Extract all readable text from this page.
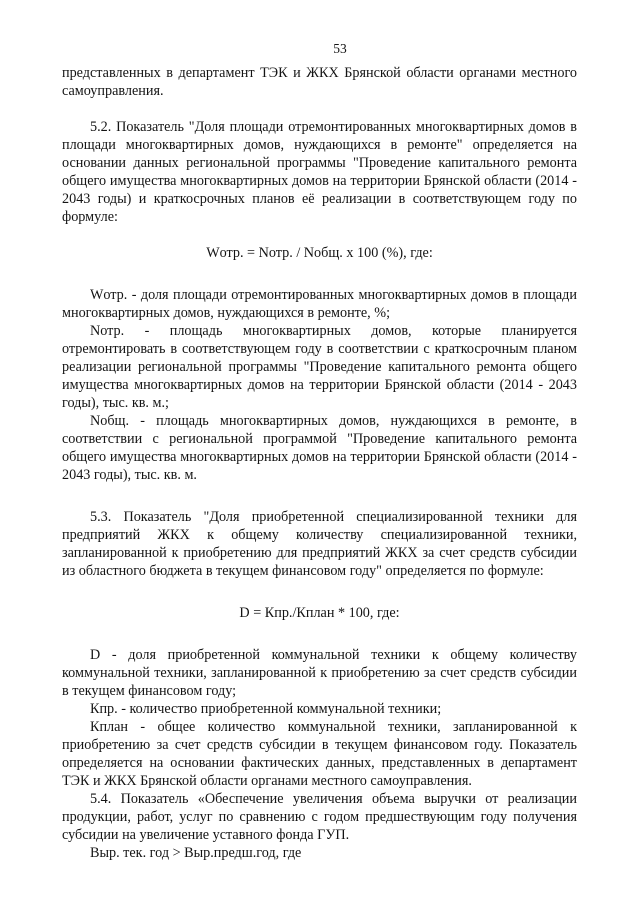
53

представленных в департамент ТЭК и ЖКХ Брянской области органами местного самоуправления.

5.2. Показатель "Доля площади отремонтированных многоквартирных домов в площади многоквартирных домов, нуждающихся в ремонте" определяется на основании данных региональной программы "Проведение капитального ремонта общего имущества многоквартирных домов на территории Брянской области (2014 - 2043 годы) и краткосрочных планов её реализации в соответствующем году по формуле:

Wотр. = Nотр. / Nобщ. x 100 (%), где:

Wотр. - доля площади отремонтированных многоквартирных домов в площади многоквартирных домов, нуждающихся в ремонте, %;

Nотр. - площадь многоквартирных домов, которые планируется отремонтировать в соответствующем году в соответствии с краткосрочным планом реализации региональной программы "Проведение капитального ремонта общего имущества многоквартирных домов на территории Брянской области (2014 - 2043 годы), тыс. кв. м.;

Nобщ. - площадь многоквартирных домов, нуждающихся в ремонте, в соответствии с региональной программой "Проведение капитального ремонта общего имущества многоквартирных домов на территории Брянской области (2014 - 2043 годы), тыс. кв. м.

5.3. Показатель "Доля приобретенной специализированной техники для предприятий ЖКХ к общему количеству специализированной техники, запланированной к приобретению для предприятий ЖКХ за счет средств субсидии из областного бюджета в текущем финансовом году" определяется по формуле:

D = Кпр./Кплан * 100, где:

D - доля приобретенной коммунальной техники к общему количеству коммунальной техники, запланированной к приобретению за счет средств субсидии в текущем финансовом году;

Кпр. - количество приобретенной коммунальной техники;

Кплан - общее количество коммунальной техники, запланированной к приобретению за счет средств субсидии в текущем финансовом году. Показатель определяется на основании фактических данных, представленных в департамент ТЭК и ЖКХ Брянской области органами местного самоуправления.

5.4. Показатель «Обеспечение увеличения объема выручки от реализации продукции, работ, услуг по сравнению с годом предшествующим году получения субсидии на увеличение уставного фонда ГУП.

Выр. тек. год > Выр.предш.год, где
